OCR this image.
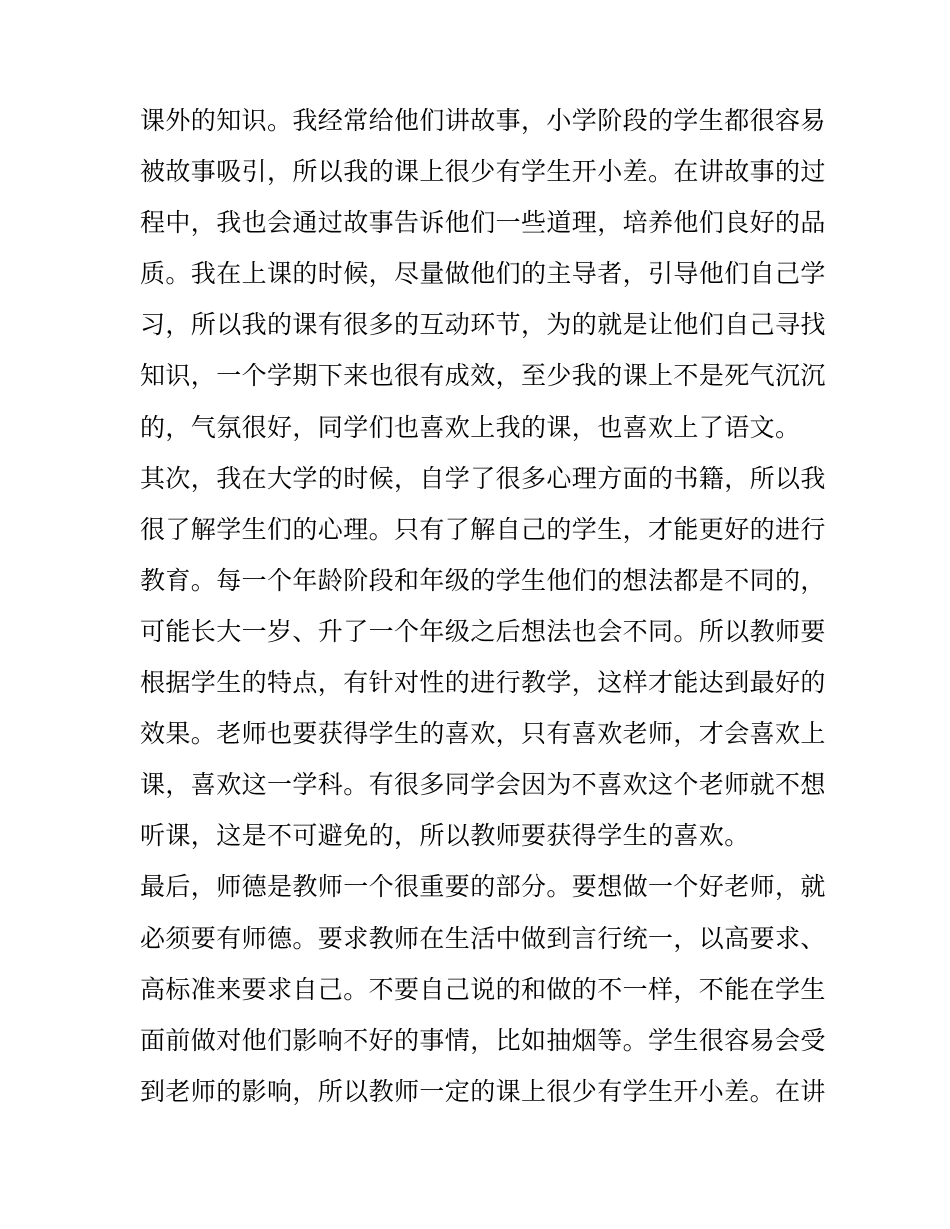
课外的知识。我经常给他们讲故事，小学阶段的学生都很容易
被故事吸引，所以我的课上很少有学生开小差。在讲故事的过
程中，我也会通过故事告诉他们一些道理，培养他们良好的品
质。我在上课的时候，尽量做他们的主导者，引导他们自己学
习，所以我的课有很多的互动环节，为的就是让他们自己寻找
知识，一个学期下来也很有成效，至少我的课上不是死气沉沉
的，气氛很好，同学们也喜欢上我的课，也喜欢上了语文。
其次，我在大学的时候，自学了很多心理方面的书籍，所以我
很了解学生们的心理。只有了解自己的学生，才能更好的进行
教育。每一个年龄阶段和年级的学生他们的想法都是不同的，
可能长大一岁、升了一个年级之后想法也会不同。所以教师要
根据学生的特点，有针对性的进行教学，这样才能达到最好的
效果。老师也要获得学生的喜欢，只有喜欢老师，才会喜欢上
课，喜欢这一学科。有很多同学会因为不喜欢这个老师就不想
听课，这是不可避免的，所以教师要获得学生的喜欢。
最后，师德是教师一个很重要的部分。要想做一个好老师，就
必须要有师德。要求教师在生活中做到言行统一，以高要求、
高标准来要求自己。不要自己说的和做的不一样，不能在学生
面前做对他们影响不好的事情，比如抽烟等。学生很容易会受
到老师的影响，所以教师一定的课上很少有学生开小差。在讲
